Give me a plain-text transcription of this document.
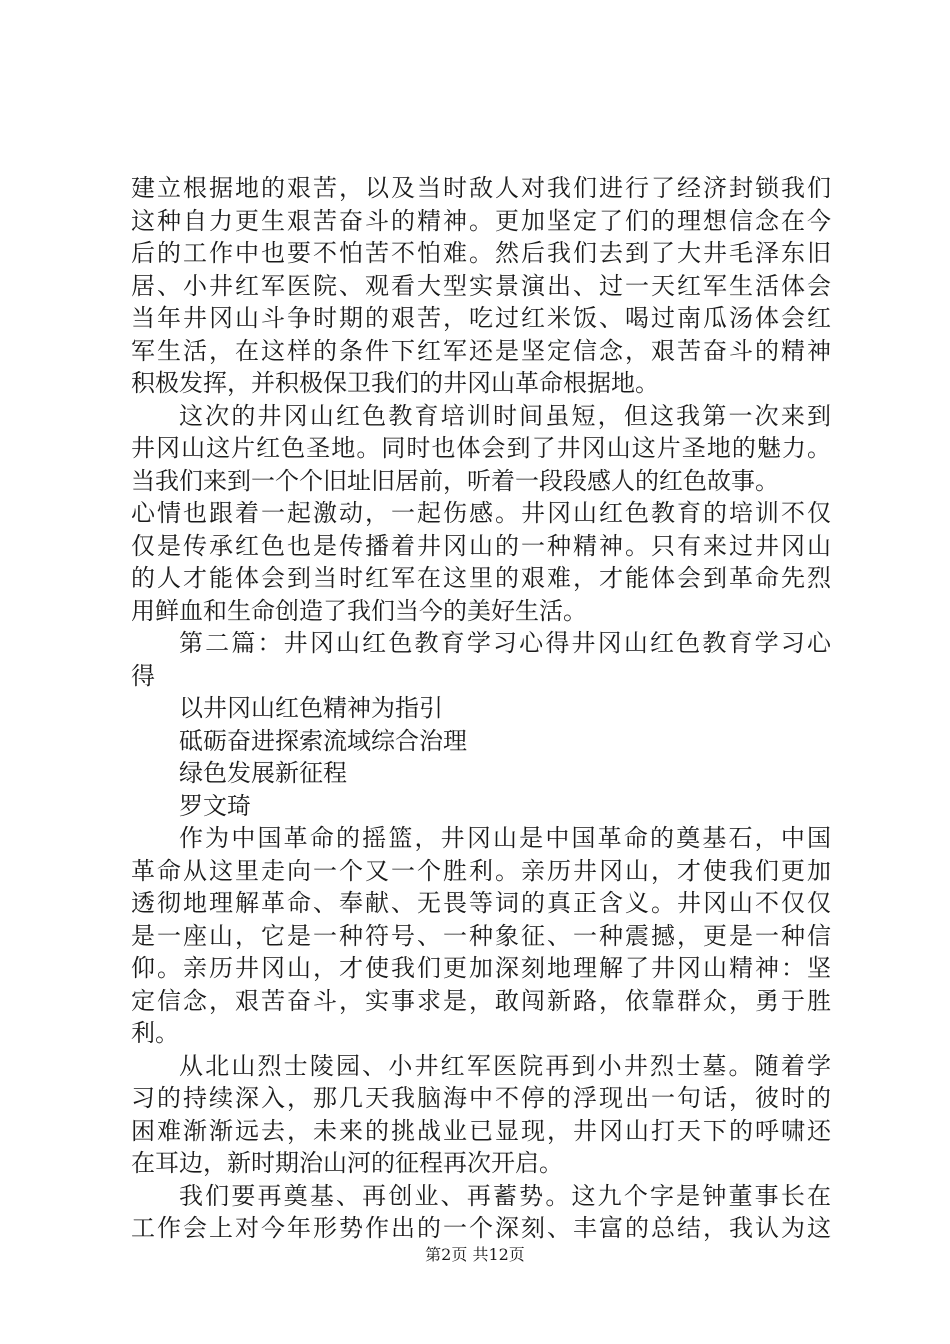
建立根据地的艰苦，以及当时敌人对我们进行了经济封锁我们
这种自力更生艰苦奋斗的精神。更加坚定了们的理想信念在今
后的工作中也要不怕苦不怕难。然后我们去到了大井毛泽东旧
居、小井红军医院、观看大型实景演出、过一天红军生活体会
当年井冈山斗争时期的艰苦，吃过红米饭、喝过南瓜汤体会红
军生活，在这样的条件下红军还是坚定信念，艰苦奋斗的精神
积极发挥，并积极保卫我们的井冈山革命根据地。
这次的井冈山红色教育培训时间虽短，但这我第一次来到
井冈山这片红色圣地。同时也体会到了井冈山这片圣地的魅力。
当我们来到一个个旧址旧居前，听着一段段感人的红色故事。
心情也跟着一起激动，一起伤感。井冈山红色教育的培训不仅
仅是传承红色也是传播着井冈山的一种精神。只有来过井冈山
的人才能体会到当时红军在这里的艰难，才能体会到革命先烈
用鲜血和生命创造了我们当今的美好生活。
第二篇：井冈山红色教育学习心得井冈山红色教育学习心
得
以井冈山红色精神为指引
砥砺奋进探索流域综合治理
绿色发展新征程
罗文琦
作为中国革命的摇篮，井冈山是中国革命的奠基石，中国
革命从这里走向一个又一个胜利。亲历井冈山，才使我们更加
透彻地理解革命、奉献、无畏等词的真正含义。井冈山不仅仅
是一座山，它是一种符号、一种象征、一种震撼，更是一种信
仰。亲历井冈山，才使我们更加深刻地理解了井冈山精神：坚
定信念，艰苦奋斗，实事求是，敢闯新路，依靠群众，勇于胜
利。
从北山烈士陵园、小井红军医院再到小井烈士墓。随着学
习的持续深入，那几天我脑海中不停的浮现出一句话，彼时的
困难渐渐远去，未来的挑战业已显现，井冈山打天下的呼啸还
在耳边，新时期治山河的征程再次开启。
我们要再奠基、再创业、再蓄势。这九个字是钟董事长在
工作会上对今年形势作出的一个深刻、丰富的总结，我认为这
第2页 共12页
